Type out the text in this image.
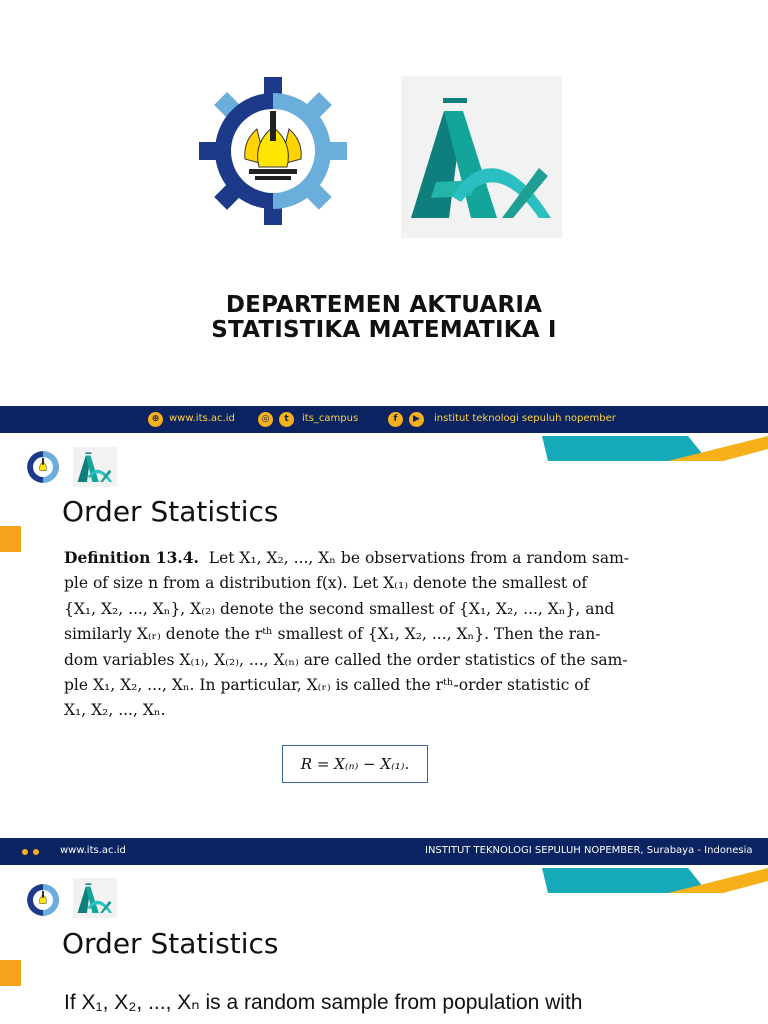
DEPARTEMEN AKTUARIA
STATISTIKA MATEMATIKA I
⊕ www.its.ac.id	◎	t	its_campus	f	▶	institut teknologi sepuluh nopember
Order Statistics
Definition 13.4. Let X₁, X₂, ..., Xₙ be observations from a random sam-
ple of size n from a distribution f(x). Let X₍₁₎ denote the smallest of
{X₁, X₂, ..., Xₙ}, X₍₂₎ denote the second smallest of {X₁, X₂, ..., Xₙ}, and
similarly X₍ᵣ₎ denote the rᵗʰ smallest of {X₁, X₂, ..., Xₙ}. Then the ran-
dom variables X₍₁₎, X₍₂₎, ..., X₍ₙ₎ are called the order statistics of the sam-
ple X₁, X₂, ..., Xₙ. In particular, X₍ᵣ₎ is called the rᵗʰ-order statistic of
X₁, X₂, ..., Xₙ.
R = X₍ₙ₎ − X₍₁₎.
www.its.ac.id	INSTITUT TEKNOLOGI SEPULUH NOPEMBER, Surabaya - Indonesia
Order Statistics
If X₁, X₂, ..., Xₙ is a random sample from population with
